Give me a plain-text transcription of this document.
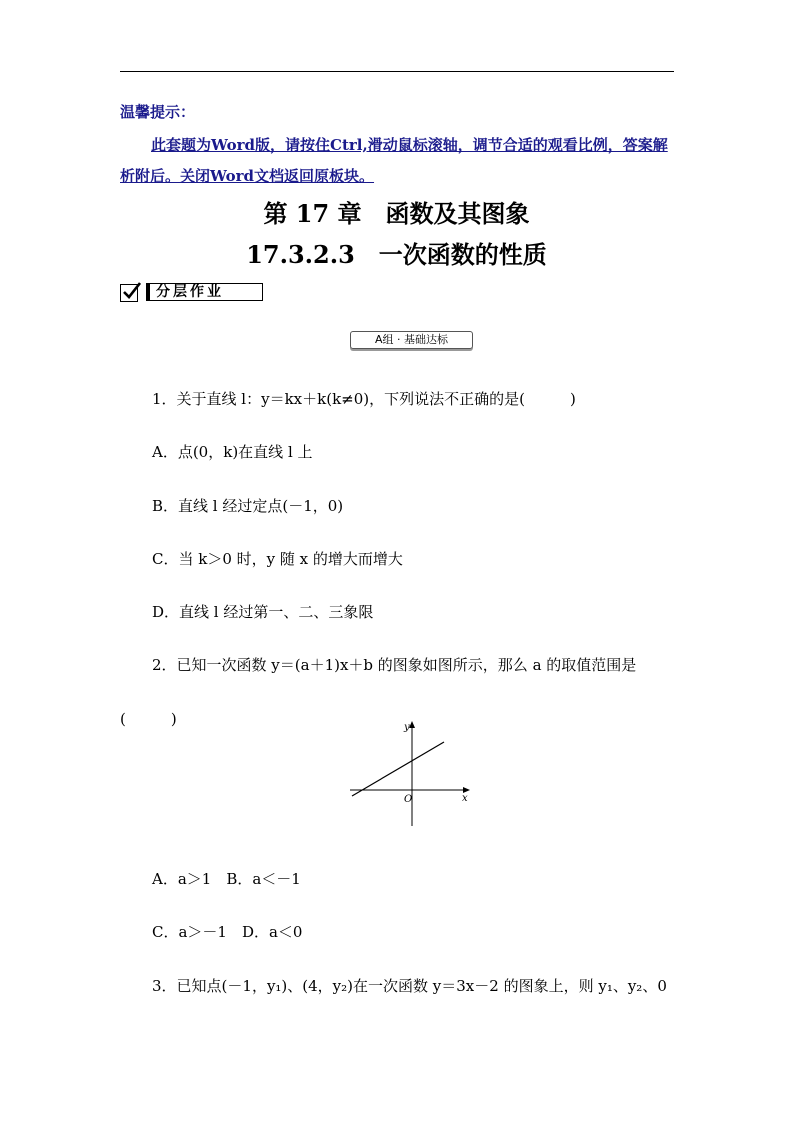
温馨提示：
此套题为Word版，请按住Ctrl,滑动鼠标滚轴，调节合适的观看比例，答案解析附后。关闭Word文档返回原板块。
第 17 章　函数及其图象
17.3.2.3　一次函数的性质
分层作业
A组 · 基础达标
1．关于直线 l：y＝kx＋k(k≠0)，下列说法不正确的是(　　　)
A．点(0，k)在直线 l 上
B．直线 l 经过定点(－1，0)
C．当 k＞0 时，y 随 x 的增大而增大
D．直线 l 经过第一、二、三象限
2．已知一次函数 y＝(a＋1)x＋b 的图象如图所示，那么 a 的取值范围是
(　　　)	y
x
O
A．a＞1　B．a＜－1
C．a＞－1　D．a＜0
3．已知点(－1，y₁)、(4，y₂)在一次函数 y＝3x－2 的图象上，则 y₁、y₂、0
